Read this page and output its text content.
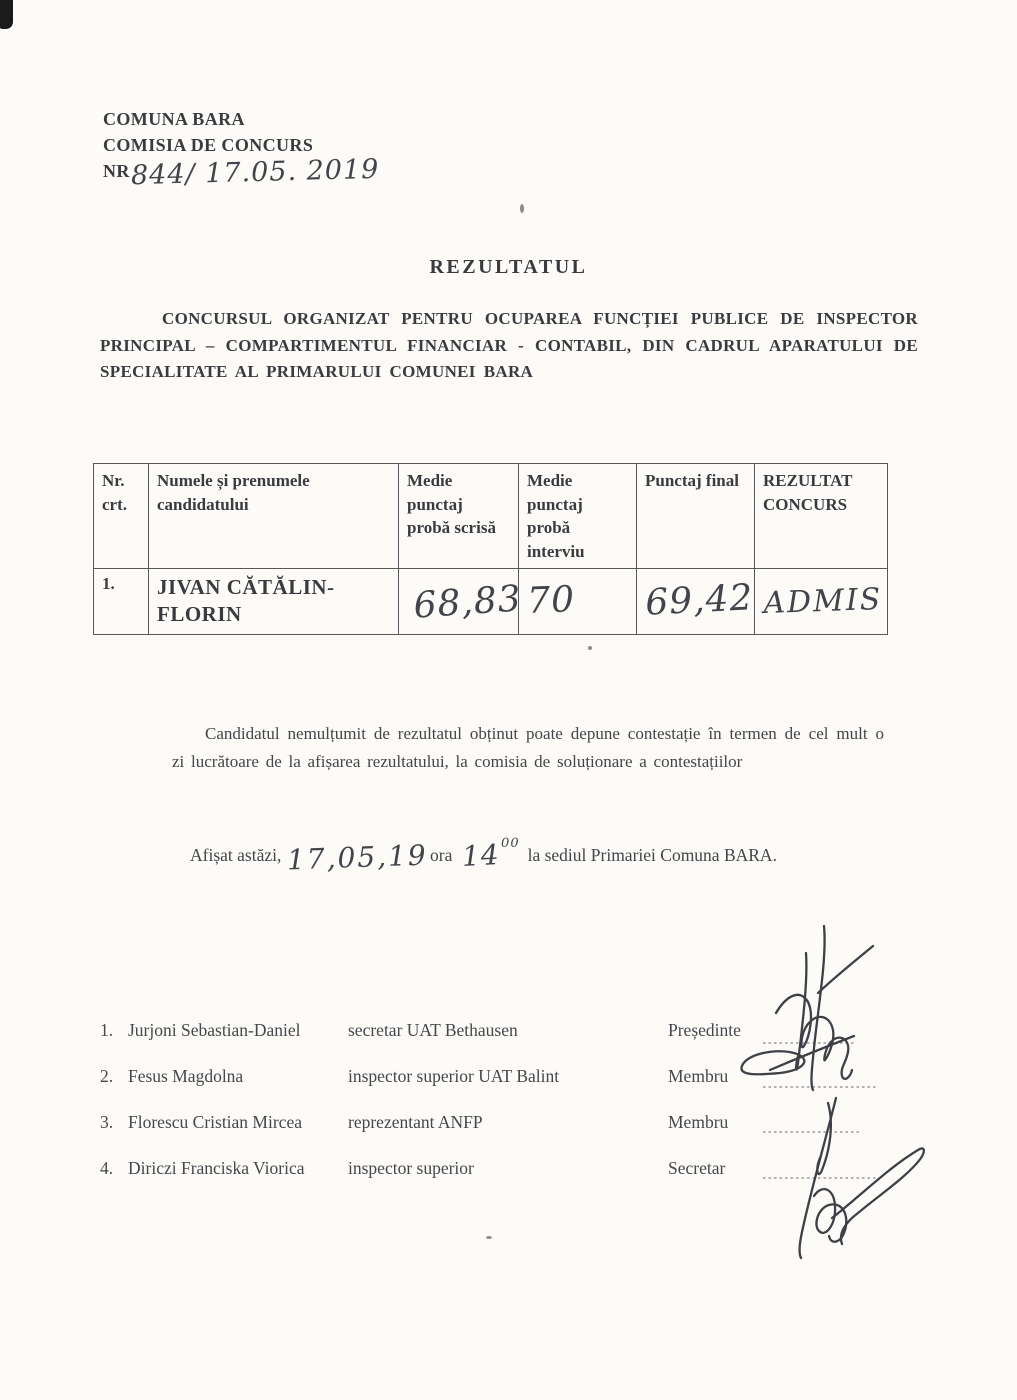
COMUNA BARA
COMISIA DE CONCURS
NR844/ 17.05. 2019
REZULTATUL

CONCURSUL ORGANIZAT PENTRU OCUPAREA FUNCȚIEI PUBLICE DE INSPECTOR PRINCIPAL – COMPARTIMENTUL FINANCIAR - CONTABIL, DIN CADRUL APARATULUI DE SPECIALITATE AL PRIMARULUI COMUNEI BARA

Nr. crt.	Numele și prenumele candidatului	Medie punctaj probă scrisă	Medie punctaj probă interviu	Punctaj final	REZULTAT CONCURS
1.	JIVAN CĂTĂLIN-FLORIN	68,83	70	69,42	ADMIS

Candidatul nemulțumit de rezultatul obținut poate depune contestație în termen de cel mult o zi lucrătoare de la afișarea rezultatului, la comisia de soluționare a contestațiilor

Afișat astăzi, 17,05,19ora 1400la sediul Primariei Comuna BARA.

1. Jurjoni Sebastian-Daniel	secretar UAT Bethausen	Președinte
2. Fesus Magdolna	inspector superior UAT Balint	Membru
3. Florescu Cristian Mircea	reprezentant ANFP	Membru
4. Diriczi Franciska Viorica	inspector superior	Secretar
